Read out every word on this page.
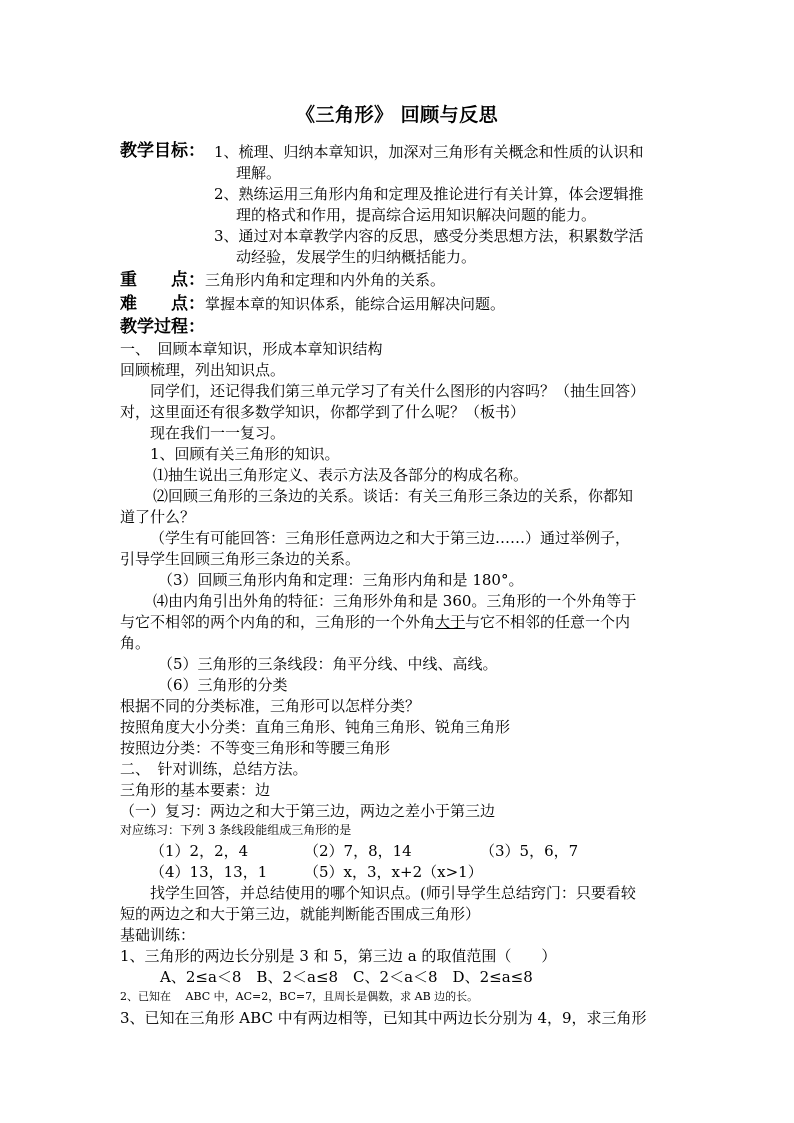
《三角形》 回顾与反思
教学目标： 1、梳理、归纳本章知识，加深对三角形有关概念和性质的认识和
理解。
2、熟练运用三角形内角和定理及推论进行有关计算，体会逻辑推
理的格式和作用，提高综合运用知识解决问题的能力。
3、通过对本章教学内容的反思，感受分类思想方法，积累数学活
动经验，发展学生的归纳概括能力。
重　　点：三角形内角和定理和内外角的关系。
难　　点：掌握本章的知识体系，能综合运用解决问题。
教学过程：
一、　回顾本章知识，形成本章知识结构
回顾梳理，列出知识点。
同学们，还记得我们第三单元学习了有关什么图形的内容吗？（抽生回答）
对，这里面还有很多数学知识，你都学到了什么呢？（板书）
现在我们一一复习。
1、回顾有关三角形的知识。
⑴抽生说出三角形定义、表示方法及各部分的构成名称。
⑵回顾三角形的三条边的关系。谈话：有关三角形三条边的关系，你都知
道了什么？
（学生有可能回答：三角形任意两边之和大于第三边……）通过举例子，
引导学生回顾三角形三条边的关系。
（3）回顾三角形内角和定理：三角形内角和是 180°。
⑷由内角引出外角的特征：三角形外角和是 360。三角形的一个外角等于
与它不相邻的两个内角的和，三角形的一个外角大于与它不相邻的任意一个内
角。
（5）三角形的三条线段：角平分线、中线、高线。
（6）三角形的分类
根据不同的分类标准，三角形可以怎样分类？
按照角度大小分类：直角三角形、钝角三角形、锐角三角形
按照边分类：不等变三角形和等腰三角形
二、　针对训练，总结方法。
三角形的基本要素：边
（一）复习：两边之和大于第三边，两边之差小于第三边
对应练习：下列 3 条线段能组成三角形的是
（1）2，2，4	（2）7，8，14	（3）5，6，7
（4）13，13，1 （5）x，3，x+2（x>1）
找学生回答，并总结使用的哪个知识点。(师引导学生总结窍门：只要看较
短的两边之和大于第三边，就能判断能否围成三角形）
基础训练：
1、三角形的两边长分别是 3 和 5，第三边 a 的取值范围（　　）
A、2≤a＜8　B、2＜a≤8　C、2＜a＜8　D、2≤a≤8
2、已知在　 ABC 中，AC=2，BC=7，且周长是偶数，求 AB 边的长。
3、已知在三角形 ABC 中有两边相等，已知其中两边长分别为 4，9，求三角形
